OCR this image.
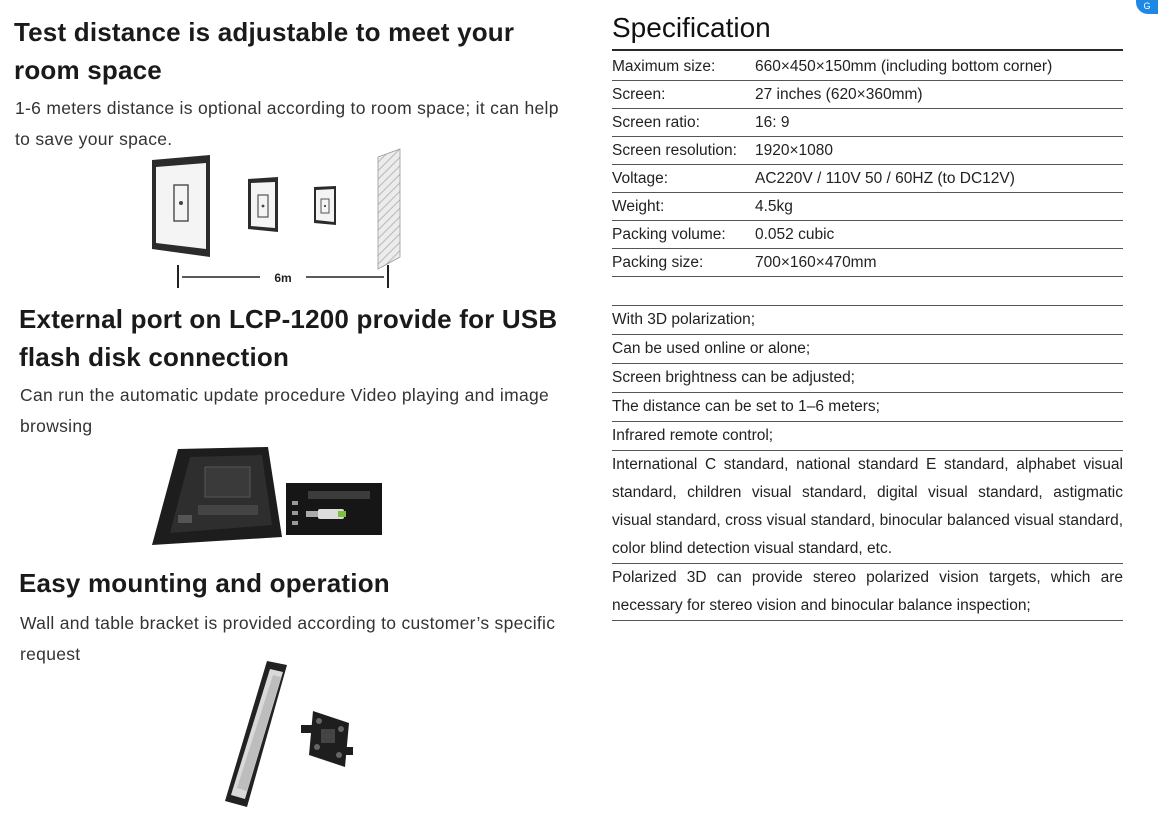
Test distance is adjustable to meet your room space
1-6 meters distance is optional according to room space; it can help to save your space.
6m
External port on LCP-1200 provide for USB flash disk connection
Can run the automatic update procedure Video playing and image browsing
Easy mounting and operation
Wall and table bracket is provided according to customer’s specific request
Specification
Maximum size:	660×450×150mm (including bottom corner)
Screen:	27 inches (620×360mm)
Screen ratio:	16: 9
Screen resolution:	1920×1080
Voltage:	AC220V / 110V 50 / 60HZ (to DC12V)
Weight:	4.5kg
Packing volume:	0.052 cubic
Packing size:	700×160×470mm
With 3D polarization;
Can be used online or alone;
Screen brightness can be adjusted;
The distance can be set to 1–6 meters;
Infrared remote control;
International C standard, national standard E standard, alphabet visual standard, children visual standard, digital visual standard, astigmatic visual standard, cross visual standard, binocular balanced visual standard, color blind detection visual standard, etc.
Polarized 3D can provide stereo polarized vision targets, which are necessary for stereo vision and binocular balance inspection;
G
